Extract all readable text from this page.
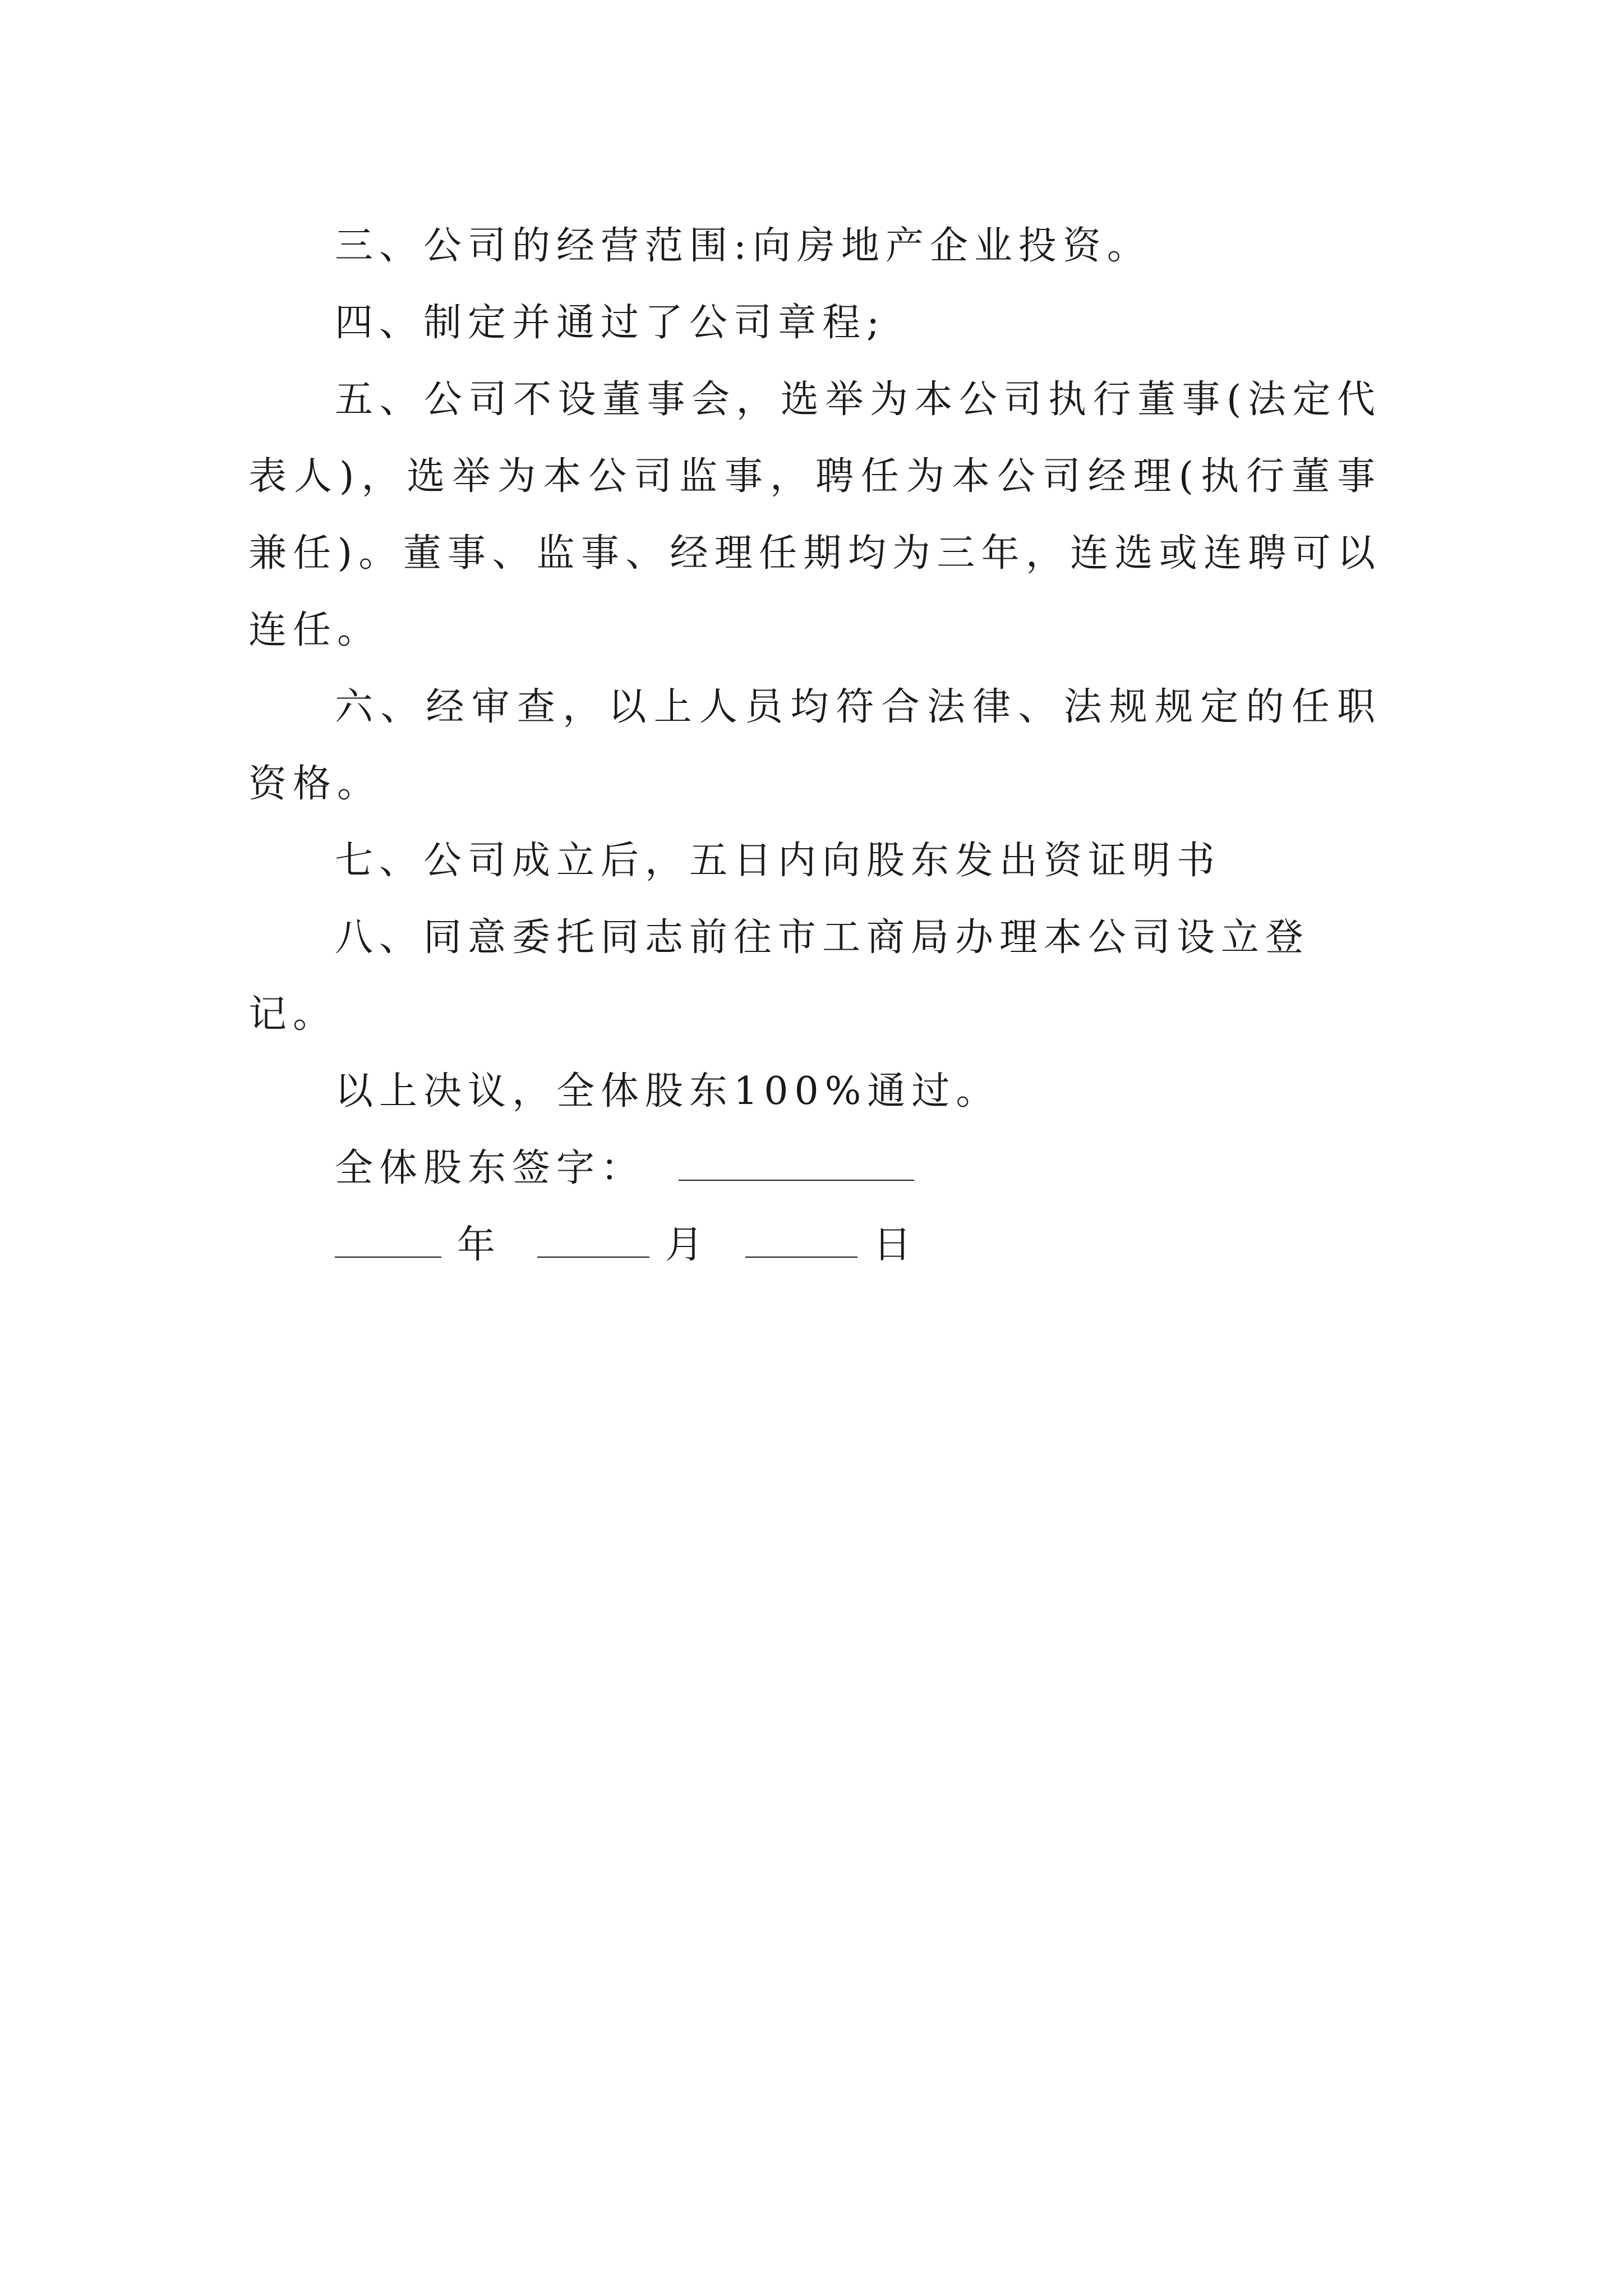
三、公司的经营范围:向房地产企业投资。

四、制定并通过了公司章程;

五、公司不设董事会，选举为本公司执行董事(法定代表人)，选举为本公司监事，聘任为本公司经理(执行董事兼任)。董事、监事、经理任期均为三年，连选或连聘可以连任。

六、经审查，以上人员均符合法律、法规规定的任职资格。

七、公司成立后，五日内向股东发出资证明书

八、同意委托同志前往市工商局办理本公司设立登记。

以上决议，全体股东100%通过。

全体股东签字：

年	月	日
